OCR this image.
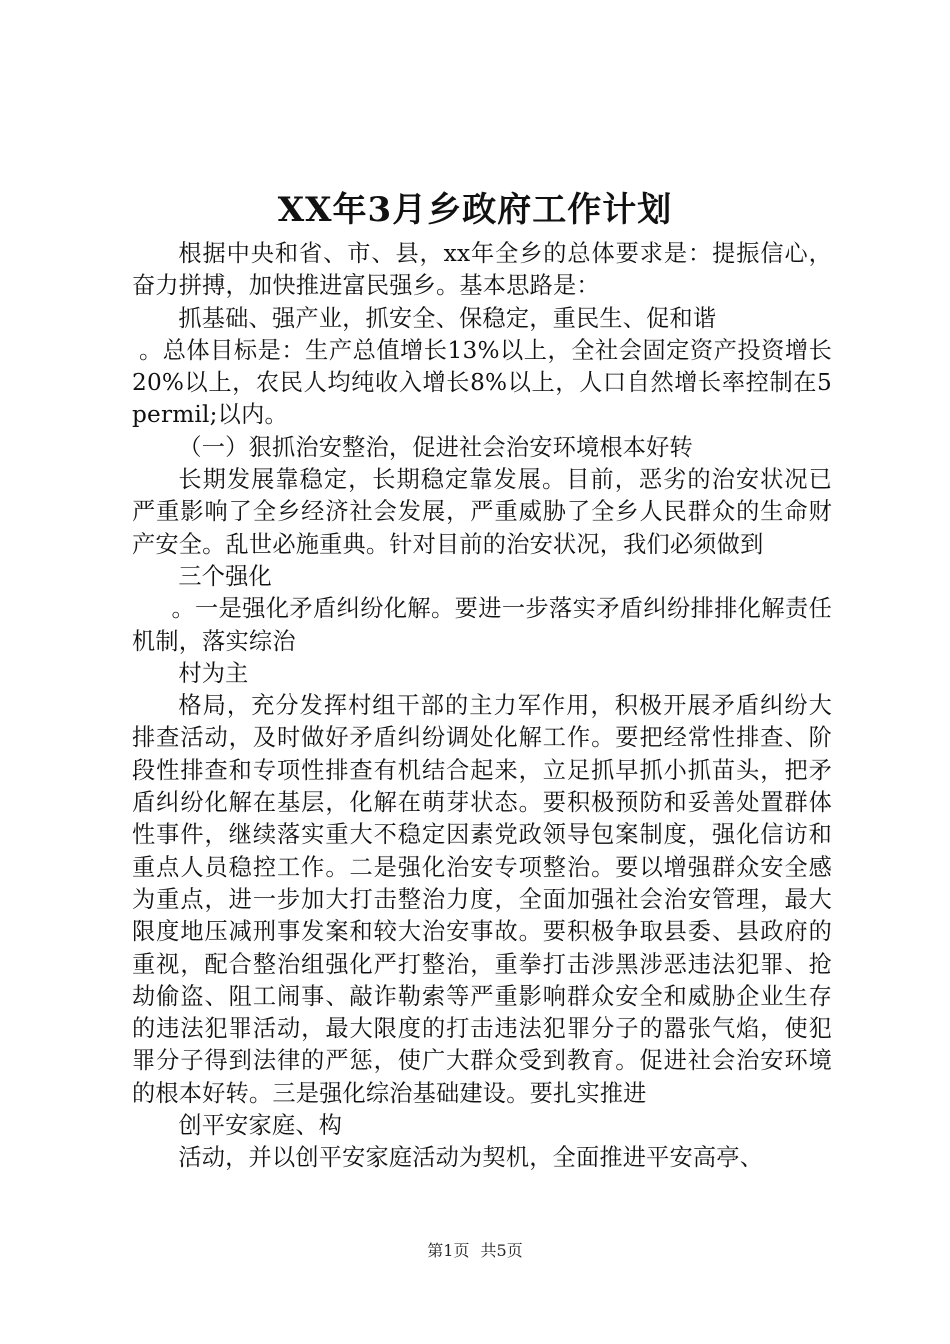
XX年3月乡政府工作计划

根据中央和省、市、县，xx年全乡的总体要求是：提振信心，奋力拼搏，加快推进富民强乡。基本思路是：

抓基础、强产业，抓安全、保稳定，重民生、促和谐

。总体目标是：生产总值增长13%以上，全社会固定资产投资增长20%以上，农民人均纯收入增长8%以上，人口自然增长率控制在5permil;以内。

（一）狠抓治安整治，促进社会治安环境根本好转

长期发展靠稳定，长期稳定靠发展。目前，恶劣的治安状况已严重影响了全乡经济社会发展，严重威胁了全乡人民群众的生命财产安全。乱世必施重典。针对目前的治安状况，我们必须做到

三个强化

。一是强化矛盾纠纷化解。要进一步落实矛盾纠纷排排化解责任机制，落实综治

村为主

格局，充分发挥村组干部的主力军作用，积极开展矛盾纠纷大排查活动，及时做好矛盾纠纷调处化解工作。要把经常性排查、阶段性排查和专项性排查有机结合起来，立足抓早抓小抓苗头，把矛盾纠纷化解在基层，化解在萌芽状态。要积极预防和妥善处置群体性事件，继续落实重大不稳定因素党政领导包案制度，强化信访和重点人员稳控工作。二是强化治安专项整治。要以增强群众安全感为重点，进一步加大打击整治力度，全面加强社会治安管理，最大限度地压减刑事发案和较大治安事故。要积极争取县委、县政府的重视，配合整治组强化严打整治，重拳打击涉黑涉恶违法犯罪、抢劫偷盗、阻工闹事、敲诈勒索等严重影响群众安全和威胁企业生存的违法犯罪活动，最大限度的打击违法犯罪分子的嚣张气焰，使犯罪分子得到法律的严惩，使广大群众受到教育。促进社会治安环境的根本好转。三是强化综治基础建设。要扎实推进

创平安家庭、构

活动，并以创平安家庭活动为契机，全面推进平安高亭、

第1页 共5页
